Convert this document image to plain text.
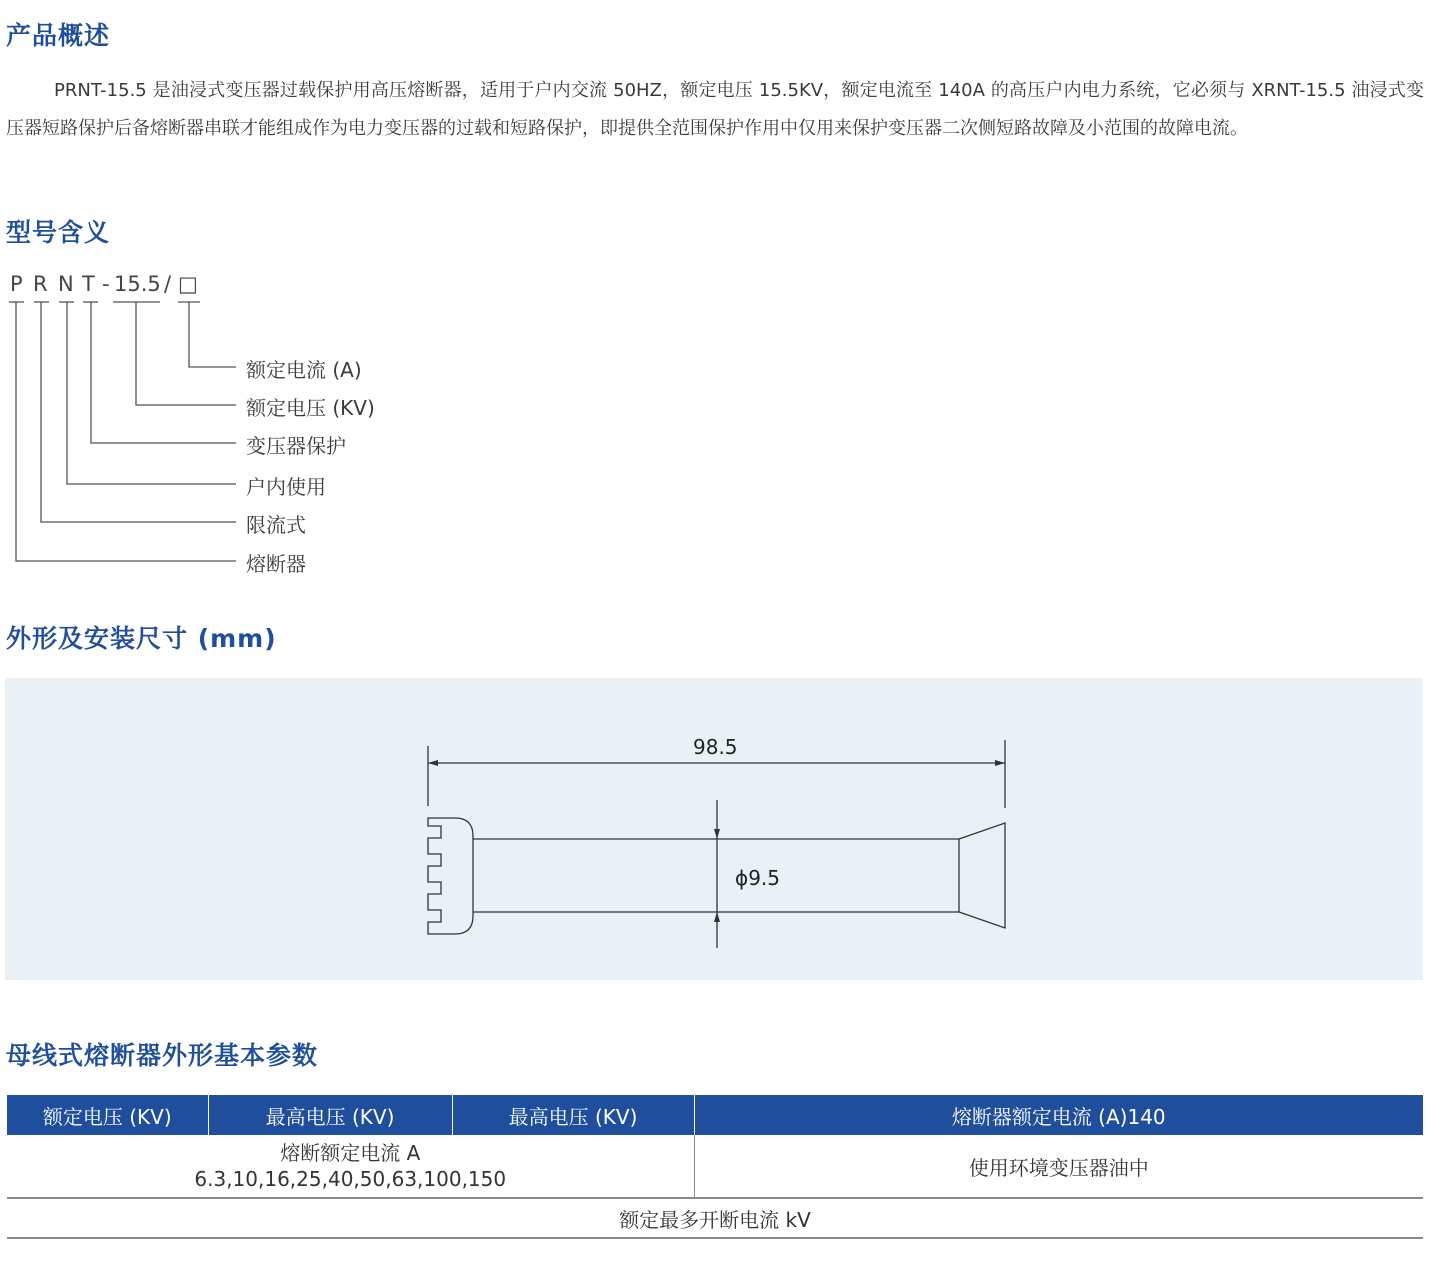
产品概述

PRNT-15.5 是油浸式变压器过载保护用高压熔断器，适用于户内交流 50HZ，额定电压 15.5KV，额定电流至 140A 的高压户内电力系统，它必须与 XRNT-15.5 油浸式变压器短路保护后备熔断器串联才能组成作为电力变压器的过载和短路保护，即提供全范围保护作用中仅用来保护变压器二次侧短路故障及小范围的故障电流。

型号含义
P R N T - 15.5 / □
额定电流 (A)
额定电压 (KV)
变压器保护
户内使用
限流式
熔断器
外形及安装尺寸 (mm)
98.5
ϕ9.5
母线式熔断器外形基本参数
额定电压 (KV)	最高电压 (KV)	最高电压 (KV)	熔断器额定电流 (A)140

熔断额定电流 A
6.3,10,16,25,40,50,63,100,150			使用环境变压器油中
额定最多开断电流 kV			
